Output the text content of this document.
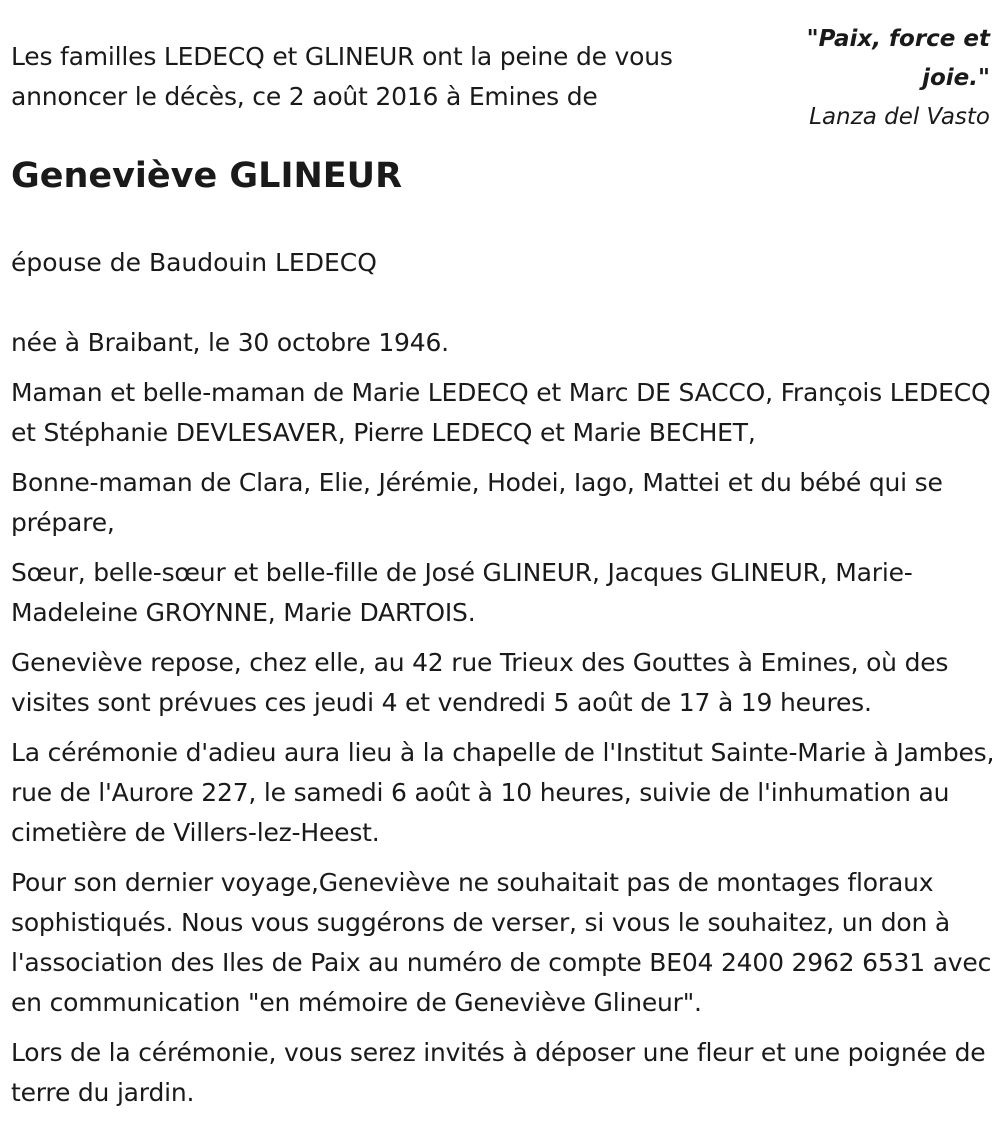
Les familles LEDECQ et GLINEUR ont la peine de vous annoncer le décès, ce 2 août 2016 à Emines de
"Paix, force et joie."
Lanza del Vasto
Geneviève GLINEUR
épouse de Baudouin LEDECQ

née à Braibant, le 30 octobre 1946.

Maman et belle-maman de Marie LEDECQ et Marc DE SACCO, François LEDECQ et Stéphanie DEVLESAVER, Pierre LEDECQ et Marie BECHET,

Bonne-maman de Clara, Elie, Jérémie, Hodei, Iago, Mattei et du bébé qui se prépare,

Sœur, belle-sœur et belle-fille de José GLINEUR, Jacques GLINEUR, Marie-Madeleine GROYNNE, Marie DARTOIS.

Geneviève repose, chez elle, au 42 rue Trieux des Gouttes à Emines, où des visites sont prévues ces jeudi 4 et vendredi 5 août de 17 à 19 heures.

La cérémonie d'adieu aura lieu à la chapelle de l'Institut Sainte-Marie à Jambes, rue de l'Aurore 227, le samedi 6 août à 10 heures, suivie de l'inhumation au cimetière de Villers-lez-Heest.

Pour son dernier voyage,Geneviève ne souhaitait pas de montages floraux sophistiqués. Nous vous suggérons de verser, si vous le souhaitez, un don à l'association des Iles de Paix au numéro de compte BE04 2400 2962 6531 avec en communication "en mémoire de Geneviève Glineur".

Lors de la cérémonie, vous serez invités à déposer une fleur et une poignée de terre du jardin.
